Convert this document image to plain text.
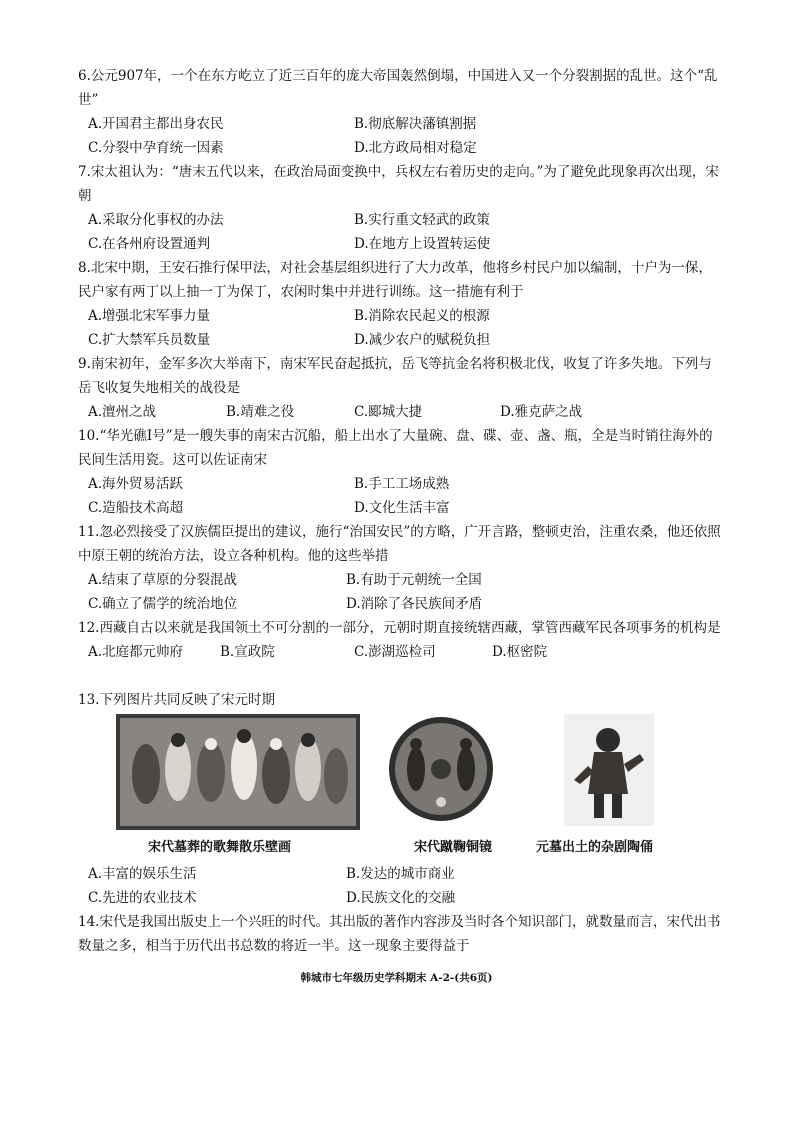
6.公元907年，一个在东方屹立了近三百年的庞大帝国轰然倒塌，中国进入又一个分裂割据的乱世。这个“乱世”
A.开国君主都出身农民	B.彻底解决藩镇割据
C.分裂中孕育统一因素	D.北方政局相对稳定
7.宋太祖认为：“唐末五代以来，在政治局面变换中，兵权左右着历史的走向。”为了避免此现象再次出现，宋朝
A.采取分化事权的办法	B.实行重文轻武的政策
C.在各州府设置通判	D.在地方上设置转运使
8.北宋中期，王安石推行保甲法，对社会基层组织进行了大力改革，他将乡村民户加以编制，十户为一保，民户家有两丁以上抽一丁为保丁，农闲时集中并进行训练。这一措施有利于
A.增强北宋军事力量	B.消除农民起义的根源
C.扩大禁军兵员数量	D.减少农户的赋税负担
9.南宋初年，金军多次大举南下，南宋军民奋起抵抗，岳飞等抗金名将积极北伐，收复了许多失地。下列与岳飞收复失地相关的战役是
A.澶州之战	B.靖难之役	C.郾城大捷	D.雅克萨之战
10.“华光礁Ⅰ号”是一艘失事的南宋古沉船，船上出水了大量碗、盘、碟、壶、盏、瓶，全是当时销往海外的民间生活用瓷。这可以佐证南宋
A.海外贸易活跃	B.手工工场成熟
C.造船技术高超	D.文化生活丰富
11.忽必烈接受了汉族儒臣提出的建议，施行“治国安民”的方略，广开言路，整顿吏治，注重农桑，他还依照中原王朝的统治方法，设立各种机构。他的这些举措
A.结束了草原的分裂混战	B.有助于元朝统一全国
C.确立了儒学的统治地位	D.消除了各民族间矛盾
12.西藏自古以来就是我国领土不可分割的一部分，元朝时期直接统辖西藏，掌管西藏军民各项事务的机构是
A.北庭都元帅府	B.宣政院	C.澎湖巡检司	D.枢密院
13.下列图片共同反映了宋元时期
宋代墓葬的歌舞散乐壁画	宋代蹴鞠铜镜	元墓出土的杂剧陶俑
A.丰富的娱乐生活	B.发达的城市商业
C.先进的农业技术	D.民族文化的交融
14.宋代是我国出版史上一个兴旺的时代。其出版的著作内容涉及当时各个知识部门，就数量而言，宋代出书数量之多，相当于历代出书总数的将近一半。这一现象主要得益于
韩城市七年级历史学科期末 A-2-(共6页)
